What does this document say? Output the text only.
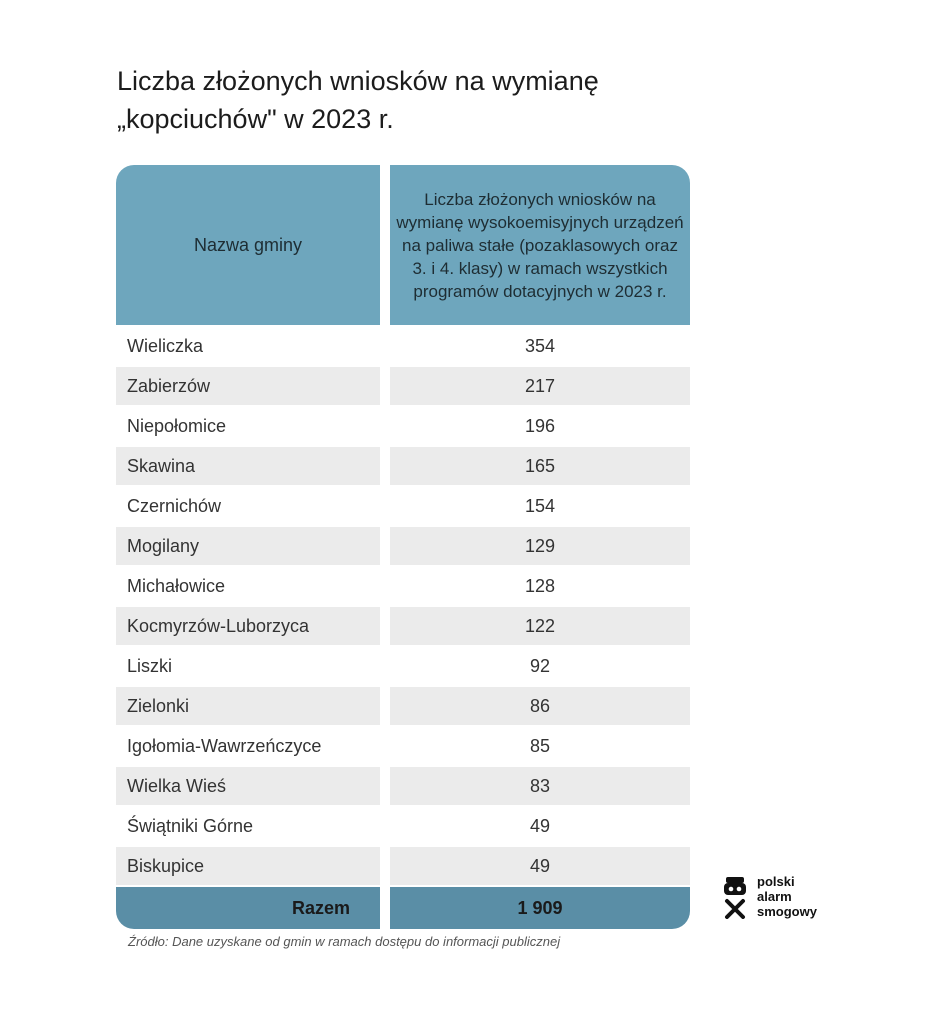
Liczba złożonych wniosków na wymianę „kopciuchów" w 2023 r.
Nazwa gminy
Liczba złożonych wniosków na wymianę wysokoemisyjnych urządzeń na paliwa stałe (pozaklasowych oraz 3. i 4. klasy) w ramach wszystkich programów dotacyjnych w 2023 r.
Wieliczka	354
Zabierzów	217
Niepołomice	196
Skawina	165
Czernichów	154
Mogilany	129
Michałowice	128
Kocmyrzów-Luborzyca	122
Liszki	92
Zielonki	86
Igołomia-Wawrzeńczyce	85
Wielka Wieś	83
Świątniki Górne	49
Biskupice	49
Razem	1 909
Źródło: Dane uzyskane od gmin w ramach dostępu do informacji publicznej
polski
alarm
smogowy
